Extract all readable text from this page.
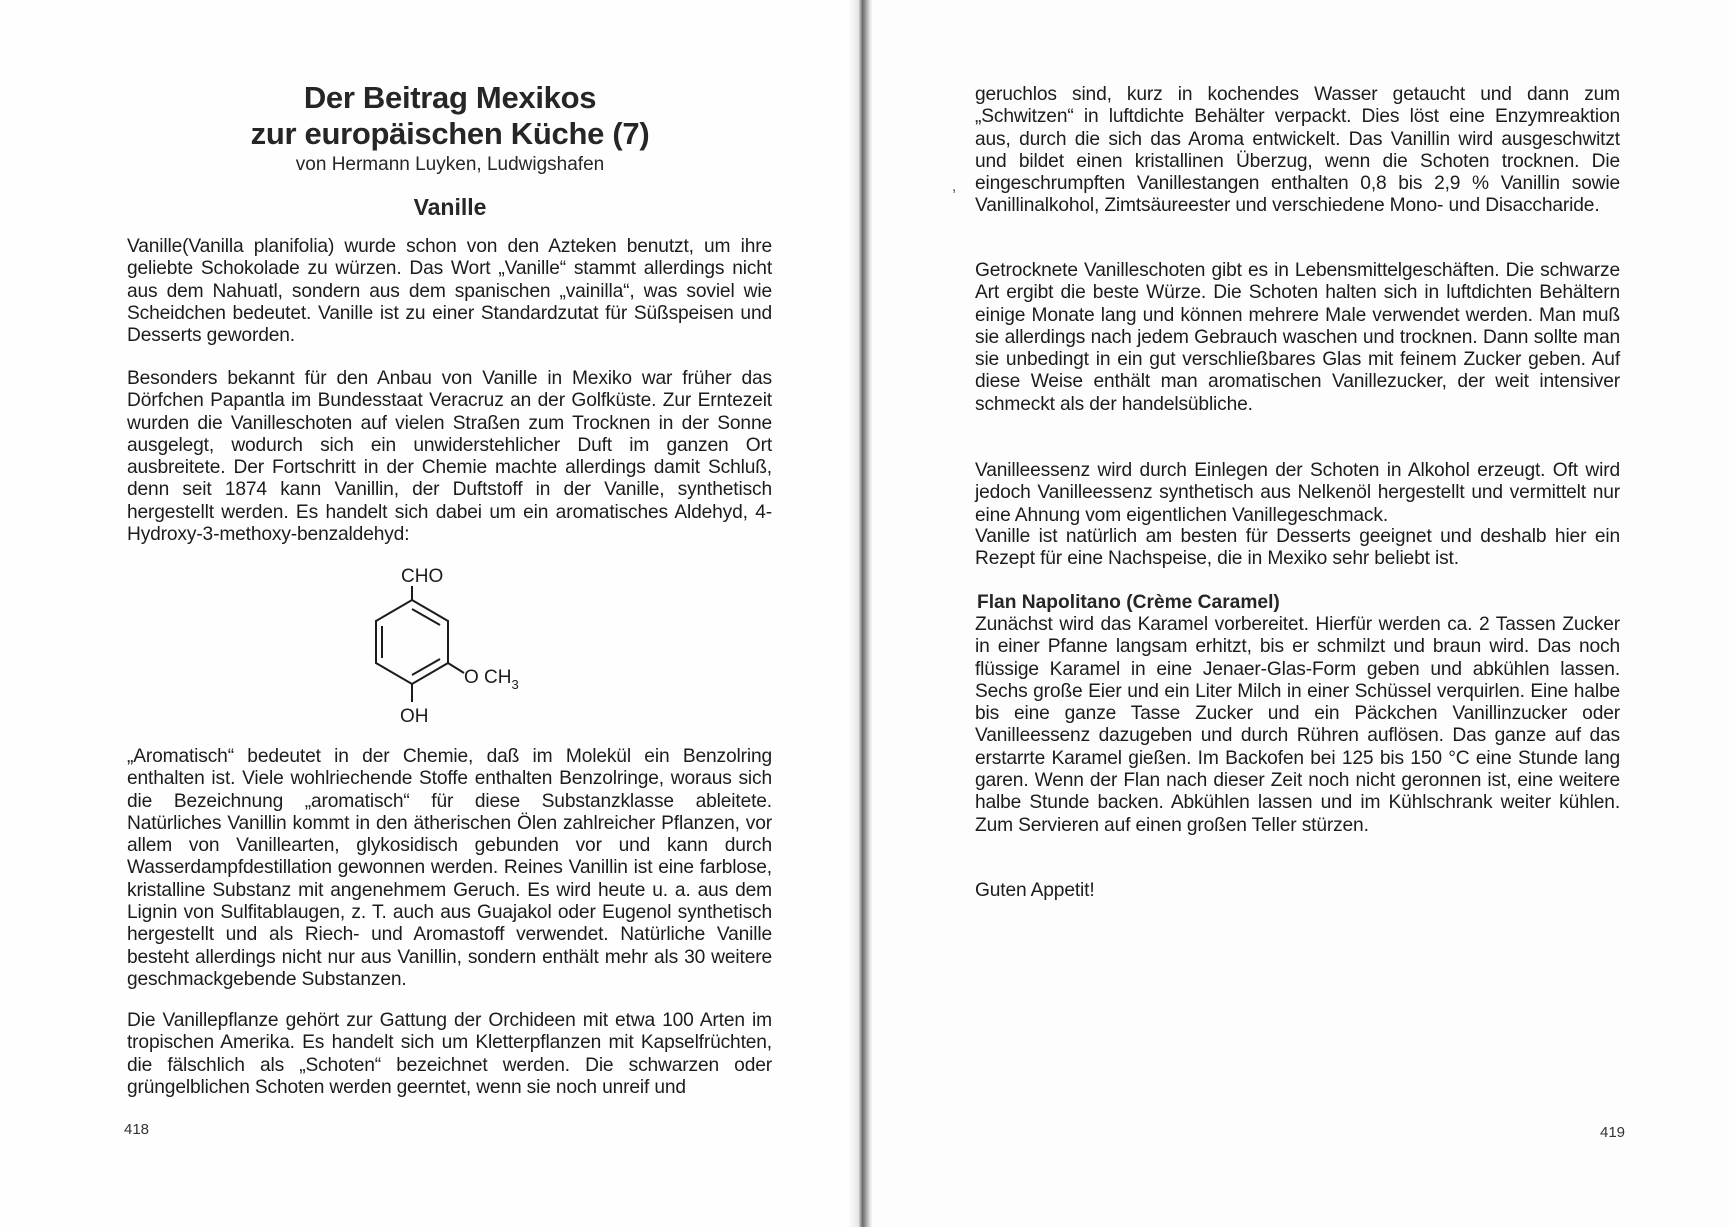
Der Beitrag Mexikos
zur europäischen Küche (7)
von Hermann Luyken, Ludwigshafen
Vanille

Vanille(Vanilla planifolia) wurde schon von den Azteken benutzt, um ihre geliebte Schokolade zu würzen. Das Wort „Vanille“ stammt allerdings nicht aus dem Nahuatl, sondern aus dem spanischen „vainilla“, was soviel wie Scheidchen bedeutet. Vanille ist zu einer Standardzutat für Süßspeisen und Desserts geworden.

Besonders bekannt für den Anbau von Vanille in Mexiko war früher das Dörfchen Papantla im Bundesstaat Veracruz an der Golfküste. Zur Erntezeit wurden die Vanilleschoten auf vielen Straßen zum Trocknen in der Sonne ausgelegt, wodurch sich ein unwiderstehlicher Duft im ganzen Ort ausbreitete. Der Fortschritt in der Chemie machte allerdings damit Schluß, denn seit 1874 kann Vanillin, der Duftstoff in der Vanille, synthetisch hergestellt werden. Es handelt sich dabei um ein aromatisches Aldehyd, 4-Hydroxy-3-methoxy-benzaldehyd:

CHO
O $CH_3$
OH

„Aromatisch“ bedeutet in der Chemie, daß im Molekül ein Benzolring enthalten ist. Viele wohlriechende Stoffe enthalten Benzolringe, woraus sich die Bezeichnung „aromatisch“ für diese Substanzklasse ableitete. Natürliches Vanillin kommt in den ätherischen Ölen zahlreicher Pflanzen, vor allem von Vanillearten, glykosidisch gebunden vor und kann durch Wasserdampfdestillation gewonnen werden. Reines Vanillin ist eine farblose, kristalline Substanz mit angenehmem Geruch. Es wird heute u. a. aus dem Lignin von Sulfitablaugen, z. T. auch aus Guajakol oder Eugenol synthetisch hergestellt und als Riech- und Aromastoff verwendet. Natürliche Vanille besteht allerdings nicht nur aus Vanillin, sondern enthält mehr als 30 weitere geschmackgebende Substanzen.

Die Vanillepflanze gehört zur Gattung der Orchideen mit etwa 100 Arten im tropischen Amerika. Es handelt sich um Kletterpflanzen mit Kapselfrüchten, die fälschlich als „Schoten“ bezeichnet werden. Die schwarzen oder grüngelblichen Schoten werden geerntet, wenn sie noch unreif und

418
,

geruchlos sind, kurz in kochendes Wasser getaucht und dann zum „Schwitzen“ in luftdichte Behälter verpackt. Dies löst eine Enzymreaktion aus, durch die sich das Aroma entwickelt. Das Vanillin wird ausgeschwitzt und bildet einen kristallinen Überzug, wenn die Schoten trocknen. Die eingeschrumpften Vanillestangen enthalten 0,8 bis 2,9 % Vanillin sowie Vanillinalkohol, Zimtsäureester und verschiedene Mono- und Disaccharide.

Getrocknete Vanilleschoten gibt es in Lebensmittelgeschäften. Die schwarze Art ergibt die beste Würze. Die Schoten halten sich in luftdichten Behältern einige Monate lang und können mehrere Male verwendet werden. Man muß sie allerdings nach jedem Gebrauch waschen und trocknen. Dann sollte man sie unbedingt in ein gut verschließbares Glas mit feinem Zucker geben. Auf diese Weise enthält man aromatischen Vanillezucker, der weit intensiver schmeckt als der handelsübliche.

Vanilleessenz wird durch Einlegen der Schoten in Alkohol erzeugt. Oft wird jedoch Vanilleessenz synthetisch aus Nelkenöl hergestellt und vermittelt nur eine Ahnung vom eigentlichen Vanillegeschmack.

Vanille ist natürlich am besten für Desserts geeignet und deshalb hier ein Rezept für eine Nachspeise, die in Mexiko sehr beliebt ist.

Flan Napolitano (Crème Caramel)

Zunächst wird das Karamel vorbereitet. Hierfür werden ca. 2 Tassen Zucker in einer Pfanne langsam erhitzt, bis er schmilzt und braun wird. Das noch flüssige Karamel in eine Jenaer-Glas-Form geben und abkühlen lassen. Sechs große Eier und ein Liter Milch in einer Schüssel verquirlen. Eine halbe bis eine ganze Tasse Zucker und ein Päckchen Vanillinzucker oder Vanilleessenz dazugeben und durch Rühren auflösen. Das ganze auf das erstarrte Karamel gießen. Im Backofen bei 125 bis 150 °C eine Stunde lang garen. Wenn der Flan nach dieser Zeit noch nicht geronnen ist, eine weitere halbe Stunde backen. Abkühlen lassen und im Kühlschrank weiter kühlen. Zum Servieren auf einen großen Teller stürzen.

Guten Appetit!

419
